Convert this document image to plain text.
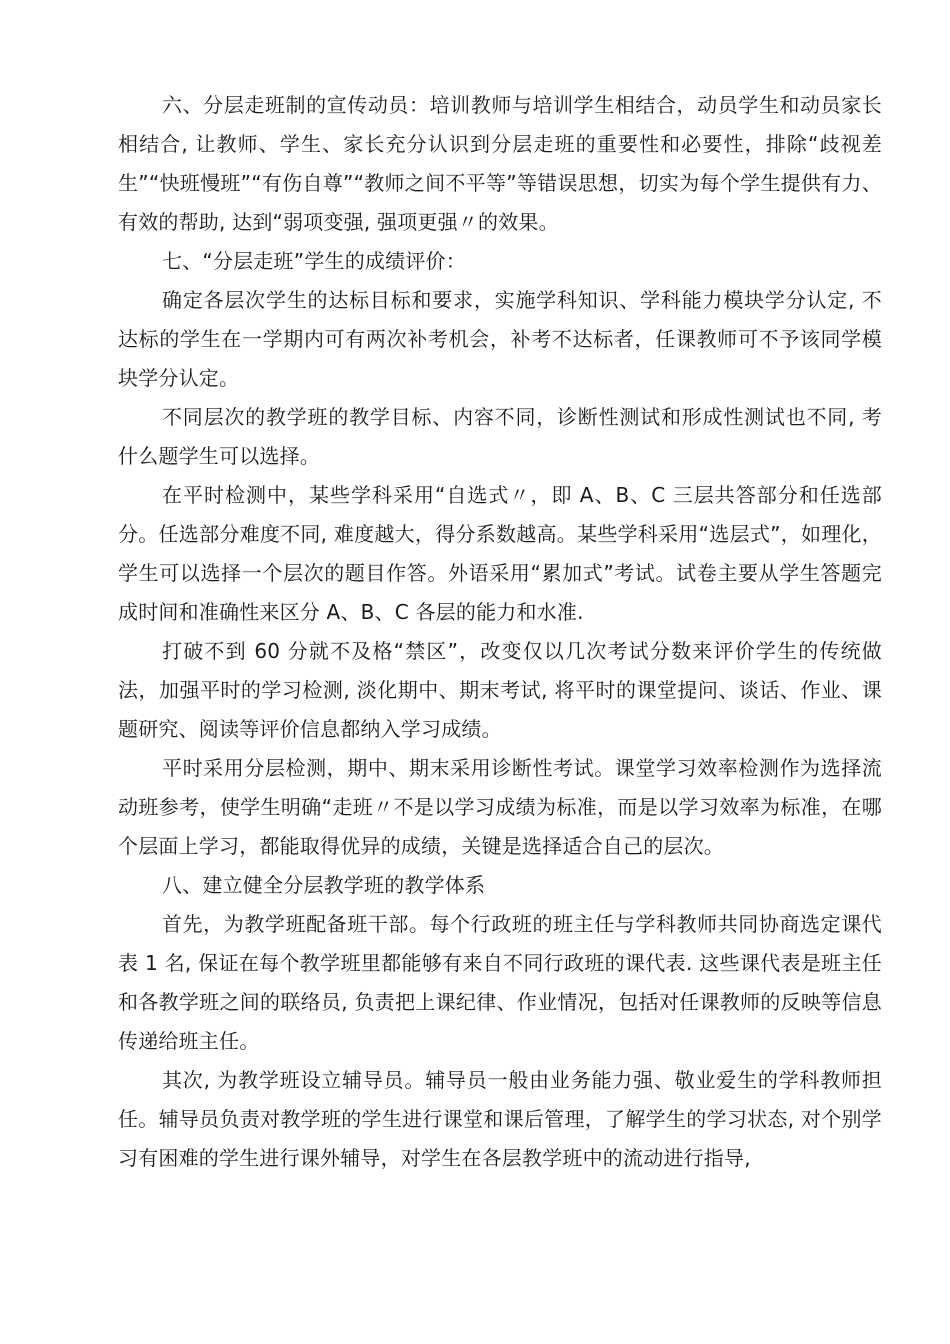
六、分层走班制的宣传动员：培训教师与培训学生相结合，动员学生和动员家长相结合, 让教师、学生、家长充分认识到分层走班的重要性和必要性，排除“歧视差生”“快班慢班”“有伤自尊”“教师之间不平等”等错误思想，切实为每个学生提供有力、有效的帮助, 达到“弱项变强, 强项更强〃的效果。

七、“分层走班”学生的成绩评价：

确定各层次学生的达标目标和要求，实施学科知识、学科能力模块学分认定, 不达标的学生在一学期内可有两次补考机会，补考不达标者，任课教师可不予该同学模块学分认定。

不同层次的教学班的教学目标、内容不同，诊断性测试和形成性测试也不同, 考什么题学生可以选择。

在平时检测中，某些学科采用“自选式〃，即 A、B、C 三层共答部分和任选部分。任选部分难度不同, 难度越大，得分系数越高。某些学科采用“选层式”，如理化，学生可以选择一个层次的题目作答。外语采用“累加式”考试。试卷主要从学生答题完成时间和准确性来区分 A、B、C 各层的能力和水准.

打破不到 60 分就不及格“禁区”，改变仅以几次考试分数来评价学生的传统做法，加强平时的学习检测, 淡化期中、期末考试, 将平时的课堂提问、谈话、作业、课题研究、阅读等评价信息都纳入学习成绩。

平时采用分层检测，期中、期末采用诊断性考试。课堂学习效率检测作为选择流动班参考，使学生明确“走班〃不是以学习成绩为标准，而是以学习效率为标准，在哪个层面上学习，都能取得优异的成绩，关键是选择适合自己的层次。

八、建立健全分层教学班的教学体系

首先，为教学班配备班干部。每个行政班的班主任与学科教师共同协商选定课代表 1 名, 保证在每个教学班里都能够有来自不同行政班的课代表. 这些课代表是班主任和各教学班之间的联络员, 负责把上课纪律、作业情况，包括对任课教师的反映等信息传递给班主任。

其次, 为教学班设立辅导员。辅导员一般由业务能力强、敬业爱生的学科教师担任。辅导员负责对教学班的学生进行课堂和课后管理，了解学生的学习状态, 对个别学习有困难的学生进行课外辅导，对学生在各层教学班中的流动进行指导,
